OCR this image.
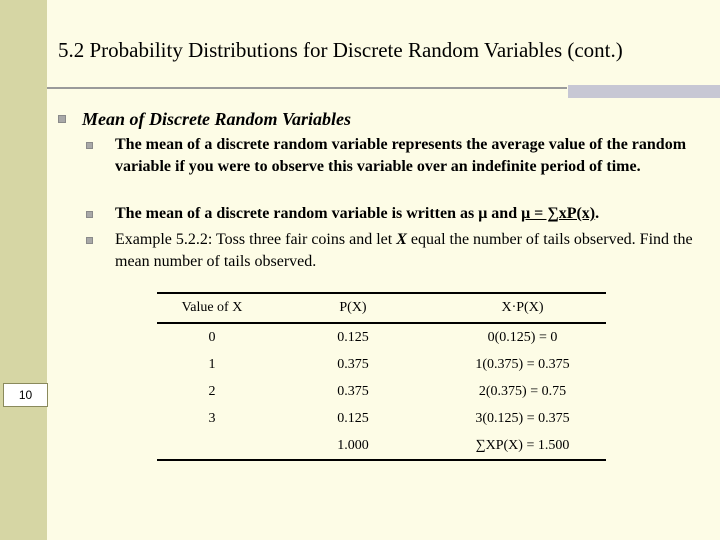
10
5.2 Probability Distributions for Discrete Random Variables (cont.)
Mean of Discrete Random Variables
The mean of a discrete random variable represents the average value of the random variable if you were to observe this variable over an indefinite period of time.
The mean of a discrete random variable is written as μ and μ = ∑xP(x).
Example 5.2.2: Toss three fair coins and let X equal the number of tails observed. Find the mean number of tails observed.
Value of X	P(X)	X·P(X)
0	0.125	0(0.125) = 0
1	0.375	1(0.375) = 0.375
2	0.375	2(0.375) = 0.75
3	0.125	3(0.125) = 0.375
	1.000	∑XP(X) = 1.500
